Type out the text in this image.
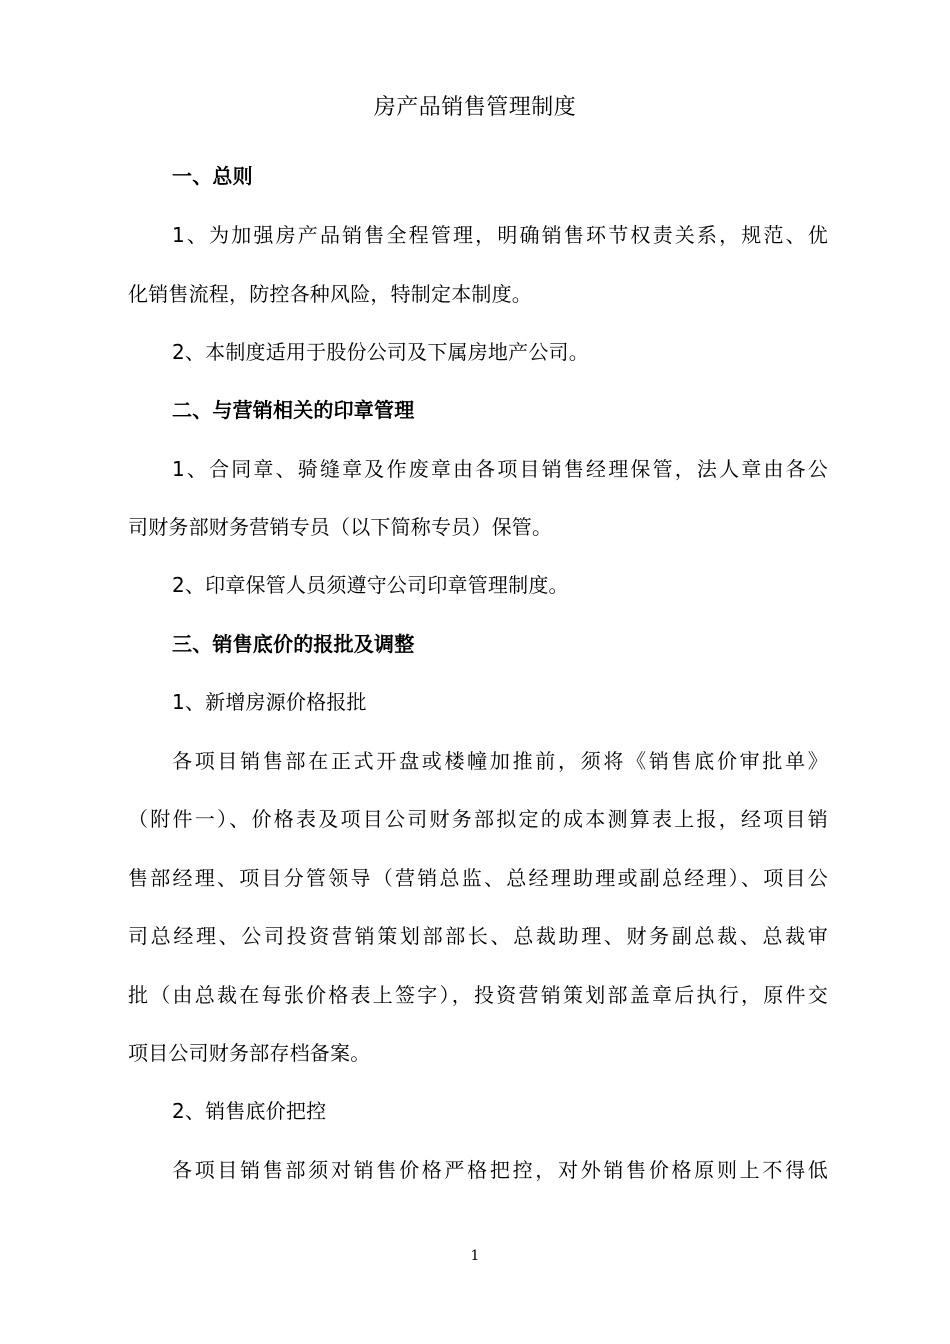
房产品销售管理制度
一、总则
1、为加强房产品销售全程管理，明确销售环节权责关系，规范、优
化销售流程，防控各种风险，特制定本制度。
2、本制度适用于股份公司及下属房地产公司。
二、与营销相关的印章管理
1、合同章、骑缝章及作废章由各项目销售经理保管，法人章由各公
司财务部财务营销专员（以下简称专员）保管。
2、印章保管人员须遵守公司印章管理制度。
三、销售底价的报批及调整
1、新增房源价格报批
各项目销售部在正式开盘或楼幢加推前，须将《销售底价审批单》
（附件一）、价格表及项目公司财务部拟定的成本测算表上报，经项目销
售部经理、项目分管领导（营销总监、总经理助理或副总经理）、项目公
司总经理、公司投资营销策划部部长、总裁助理、财务副总裁、总裁审
批（由总裁在每张价格表上签字），投资营销策划部盖章后执行，原件交
项目公司财务部存档备案。
2、销售底价把控
各项目销售部须对销售价格严格把控，对外销售价格原则上不得低
1
